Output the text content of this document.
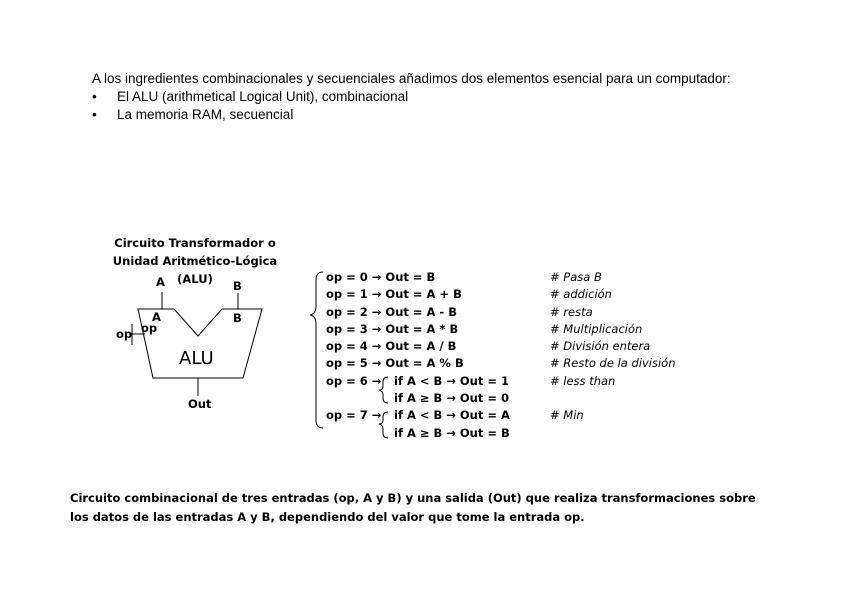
A los ingredientes combinacionales y secuenciales añadimos dos elementos esencial para un computador:
• El ALU (arithmetical Logical Unit), combinacional
• La memoria RAM, secuencial
Circuito Transformador o
Unidad Aritmético-Lógica (ALU)
A	B
A	B
op op
ALU
Out
op = 0 → Out = B	# Pasa B
op = 1 → Out = A + B	# addición
op = 2 → Out = A - B	# resta
op = 3 → Out = A * B	# Multiplicación
op = 4 → Out = A / B	# División entera
op = 5 → Out = A % B	# Resto de la división
op = 6 → if A < B → Out = 1	# less than
if A ≥ B → Out = 0
op = 7 → if A < B → Out = A	# Min
if A ≥ B → Out = B
Circuito combinacional de tres entradas (op, A y B) y una salida (Out) que realiza transformaciones sobre los datos de las entradas A y B, dependiendo del valor que tome la entrada op.
